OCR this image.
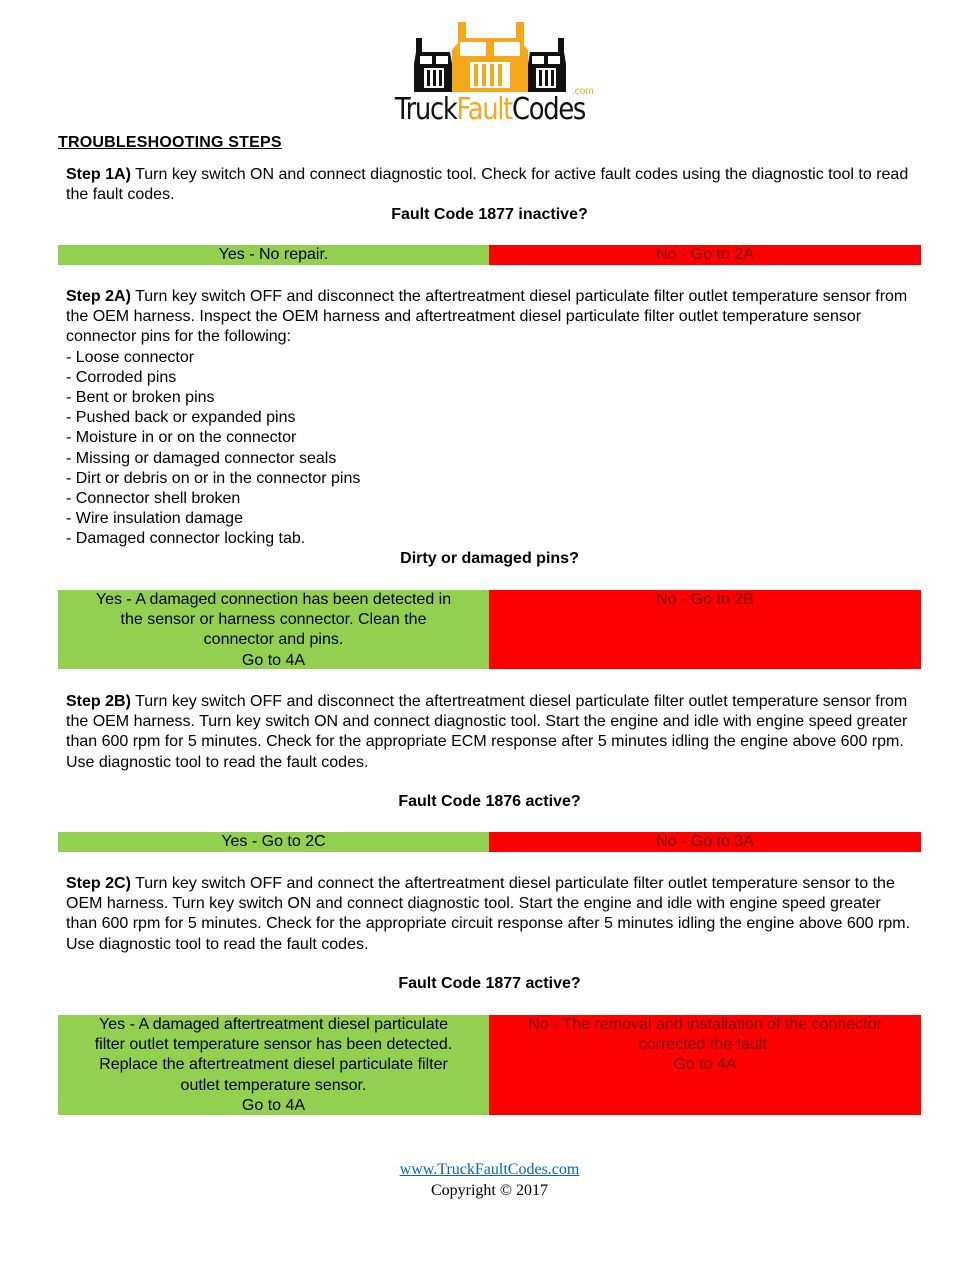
TruckFaultCodes
.com
TROUBLESHOOTING STEPS
Step 1A) Turn key switch ON and connect diagnostic tool. Check for active fault codes using the diagnostic tool to read the fault codes.
Fault Code 1877 inactive?
Yes - No repair.	No - Go to 2A
Step 2A) Turn key switch OFF and disconnect the aftertreatment diesel particulate filter outlet temperature sensor from the OEM harness. Inspect the OEM harness and aftertreatment diesel particulate filter outlet temperature sensor connector pins for the following:
- Loose connector
- Corroded pins
- Bent or broken pins
- Pushed back or expanded pins
- Moisture in or on the connector
- Missing or damaged connector seals
- Dirt or debris on or in the connector pins
- Connector shell broken
- Wire insulation damage
- Damaged connector locking tab.
Dirty or damaged pins?
Yes - A damaged connection has been detected in
the sensor or harness connector. Clean the
connector and pins.
Go to 4A
No - Go to 2B
Step 2B) Turn key switch OFF and disconnect the aftertreatment diesel particulate filter outlet temperature sensor from the OEM harness. Turn key switch ON and connect diagnostic tool. Start the engine and idle with engine speed greater than 600 rpm for 5 minutes. Check for the appropriate ECM response after 5 minutes idling the engine above 600 rpm. Use diagnostic tool to read the fault codes.
Fault Code 1876 active?
Yes - Go to 2C	No - Go to 3A
Step 2C) Turn key switch OFF and connect the aftertreatment diesel particulate filter outlet temperature sensor to the OEM harness. Turn key switch ON and connect diagnostic tool. Start the engine and idle with engine speed greater than 600 rpm for 5 minutes. Check for the appropriate circuit response after 5 minutes idling the engine above 600 rpm. Use diagnostic tool to read the fault codes.
Fault Code 1877 active?
Yes - A damaged aftertreatment diesel particulate
filter outlet temperature sensor has been detected.
Replace the aftertreatment diesel particulate filter
outlet temperature sensor.
Go to 4A
No - The removal and installation of the connector
corrected the fault.
Go to 4A
www.TruckFaultCodes.com
Copyright © 2017
